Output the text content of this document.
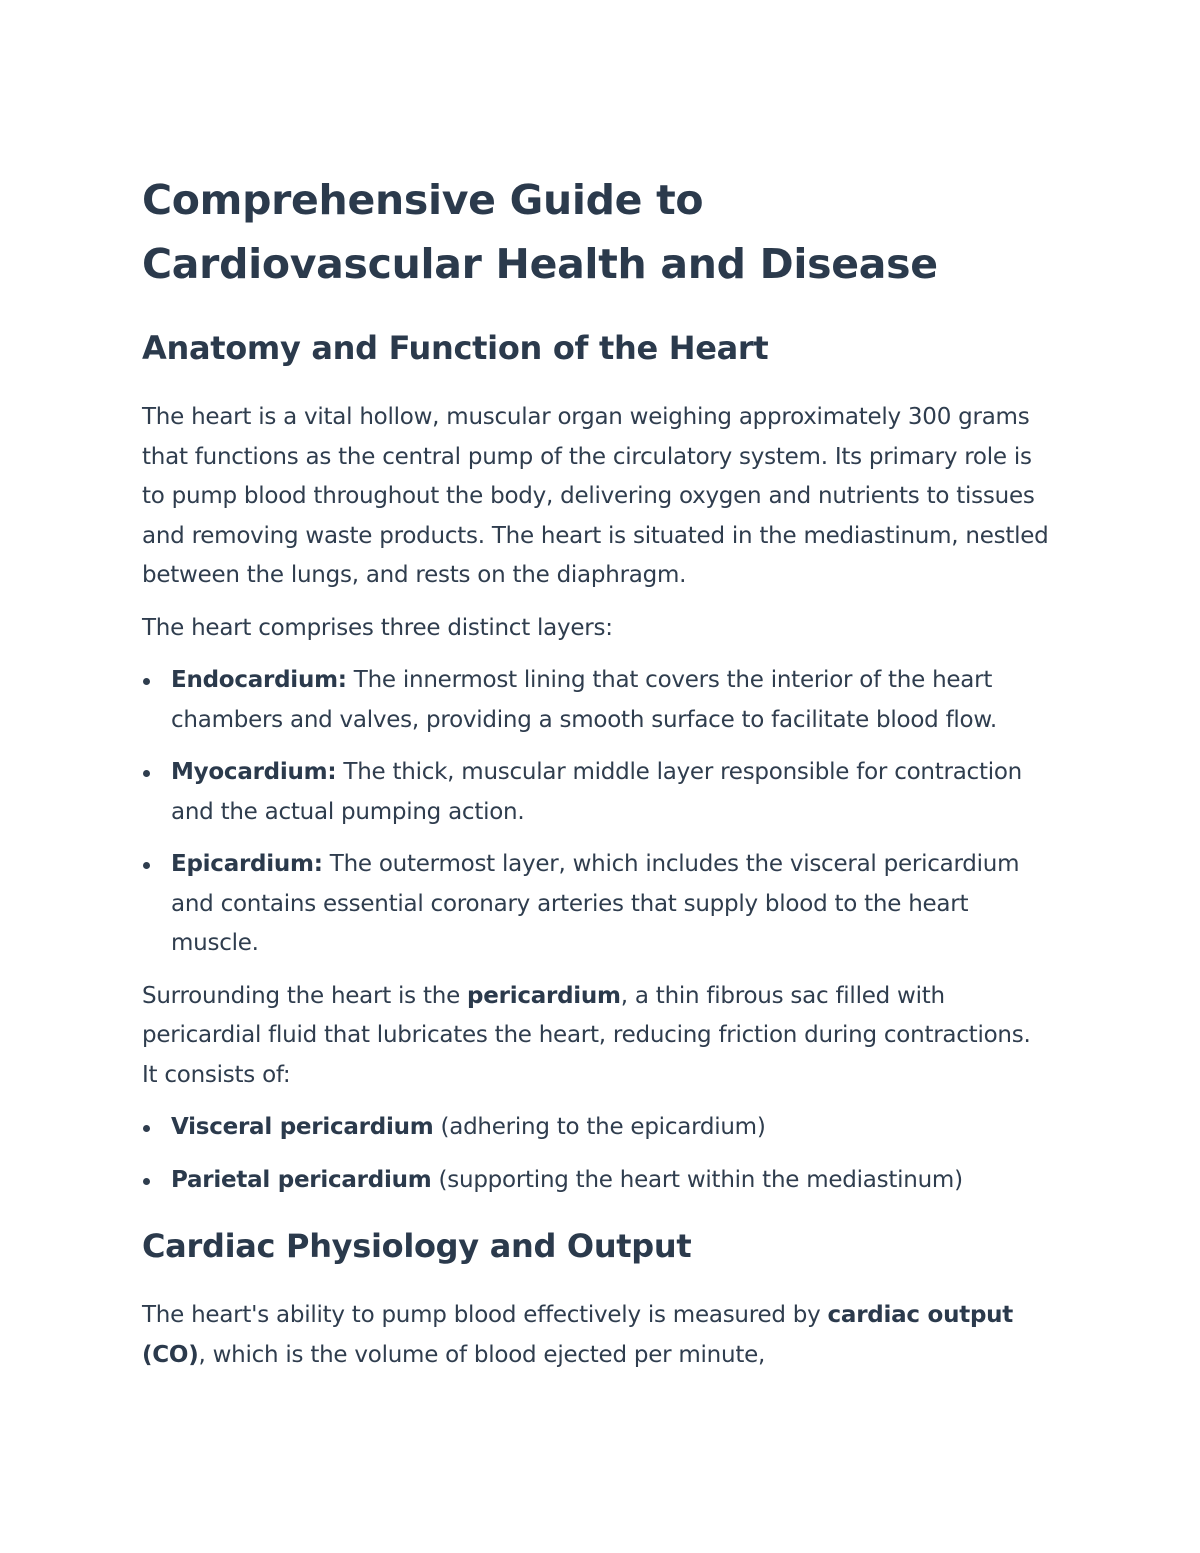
Comprehensive Guide to
Cardiovascular Health and Disease
Anatomy and Function of the Heart

The heart is a vital hollow, muscular organ weighing approximately 300 grams that functions as the central pump of the circulatory system. Its primary role is to pump blood throughout the body, delivering oxygen and nutrients to tissues and removing waste products. The heart is situated in the mediastinum, nestled between the lungs, and rests on the diaphragm.

The heart comprises three distinct layers:

Endocardium: The innermost lining that covers the interior of the heart chambers and valves, providing a smooth surface to facilitate blood flow.
Myocardium: The thick, muscular middle layer responsible for contraction and the actual pumping action.
Epicardium: The outermost layer, which includes the visceral pericardium and contains essential coronary arteries that supply blood to the heart muscle.

Surrounding the heart is the pericardium, a thin fibrous sac filled with pericardial fluid that lubricates the heart, reducing friction during contractions. It consists of:

Visceral pericardium (adhering to the epicardium)
Parietal pericardium (supporting the heart within the mediastinum)
Cardiac Physiology and Output

The heart's ability to pump blood effectively is measured by cardiac output (CO), which is the volume of blood ejected per minute,
